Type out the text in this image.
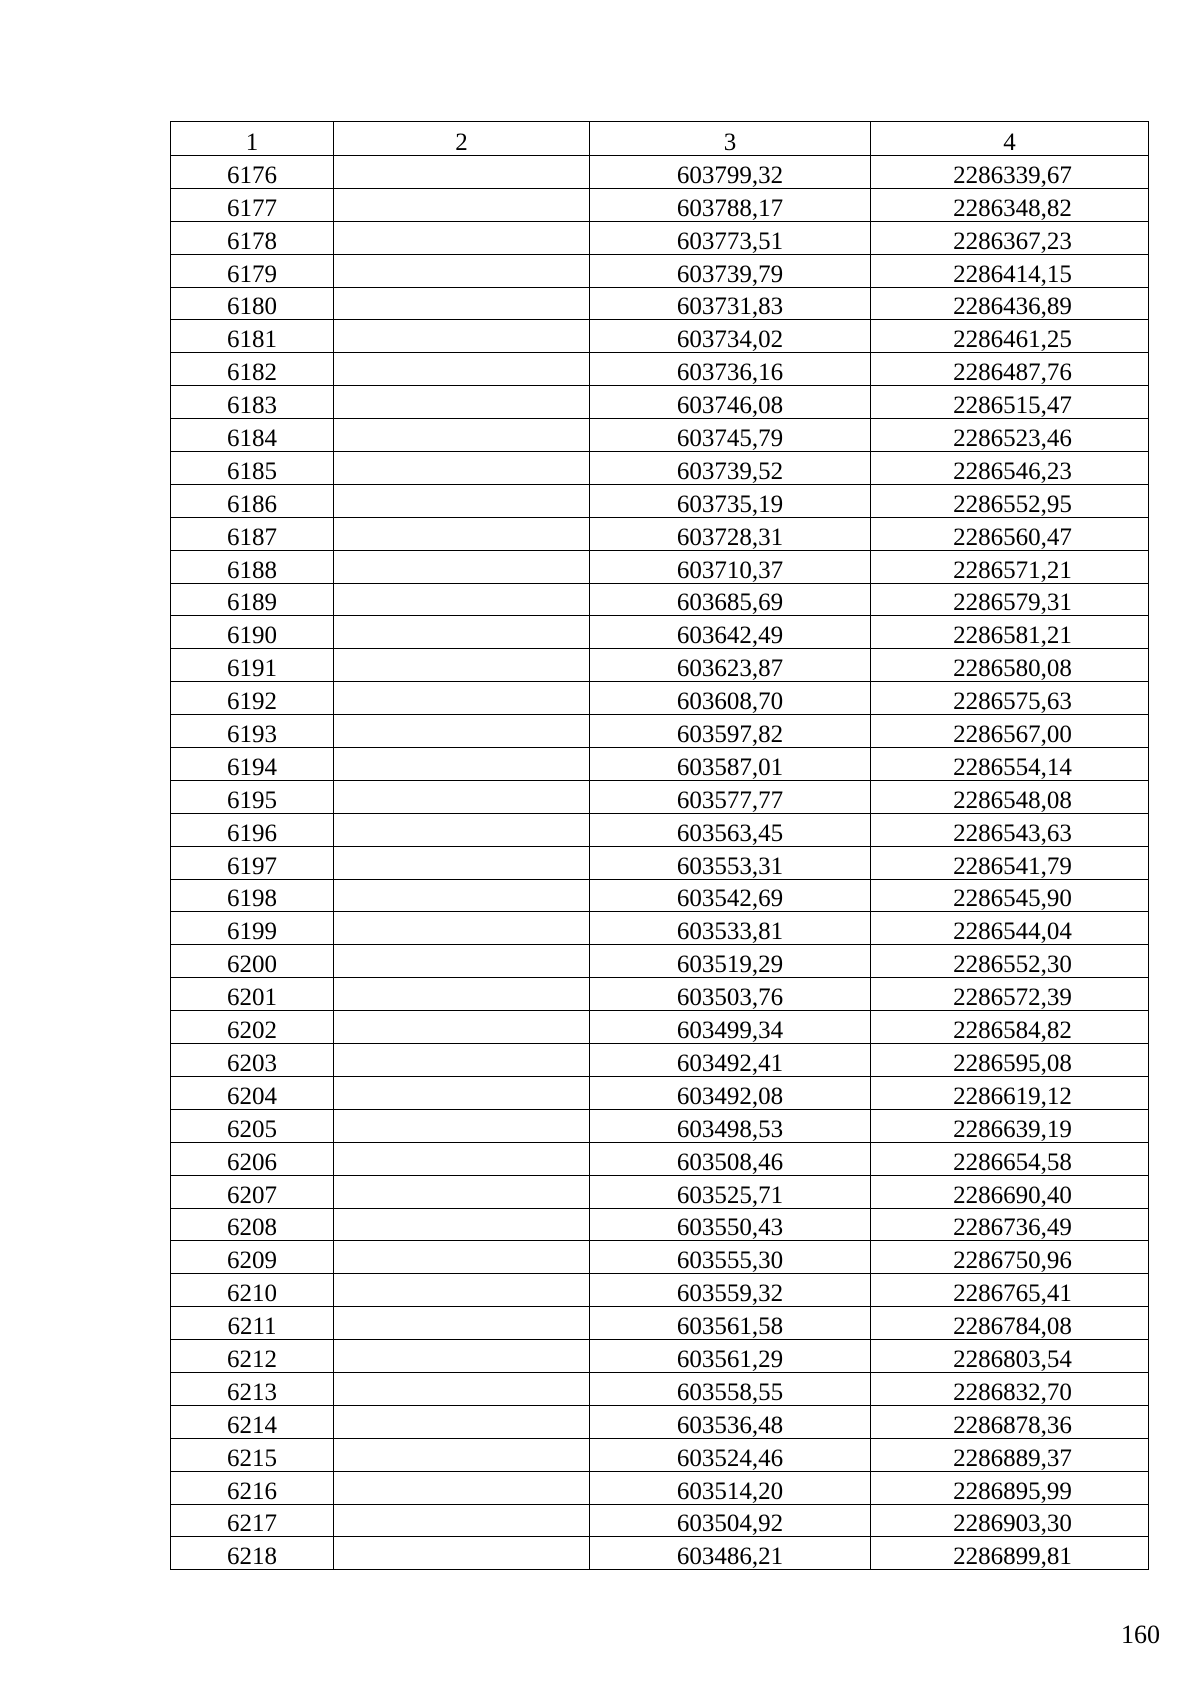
1	2	3	4
6176		603799,32	2286339,67
6177		603788,17	2286348,82
6178		603773,51	2286367,23
6179		603739,79	2286414,15
6180		603731,83	2286436,89
6181		603734,02	2286461,25
6182		603736,16	2286487,76
6183		603746,08	2286515,47
6184		603745,79	2286523,46
6185		603739,52	2286546,23
6186		603735,19	2286552,95
6187		603728,31	2286560,47
6188		603710,37	2286571,21
6189		603685,69	2286579,31
6190		603642,49	2286581,21
6191		603623,87	2286580,08
6192		603608,70	2286575,63
6193		603597,82	2286567,00
6194		603587,01	2286554,14
6195		603577,77	2286548,08
6196		603563,45	2286543,63
6197		603553,31	2286541,79
6198		603542,69	2286545,90
6199		603533,81	2286544,04
6200		603519,29	2286552,30
6201		603503,76	2286572,39
6202		603499,34	2286584,82
6203		603492,41	2286595,08
6204		603492,08	2286619,12
6205		603498,53	2286639,19
6206		603508,46	2286654,58
6207		603525,71	2286690,40
6208		603550,43	2286736,49
6209		603555,30	2286750,96
6210		603559,32	2286765,41
6211		603561,58	2286784,08
6212		603561,29	2286803,54
6213		603558,55	2286832,70
6214		603536,48	2286878,36
6215		603524,46	2286889,37
6216		603514,20	2286895,99
6217		603504,92	2286903,30
6218		603486,21	2286899,81
160
